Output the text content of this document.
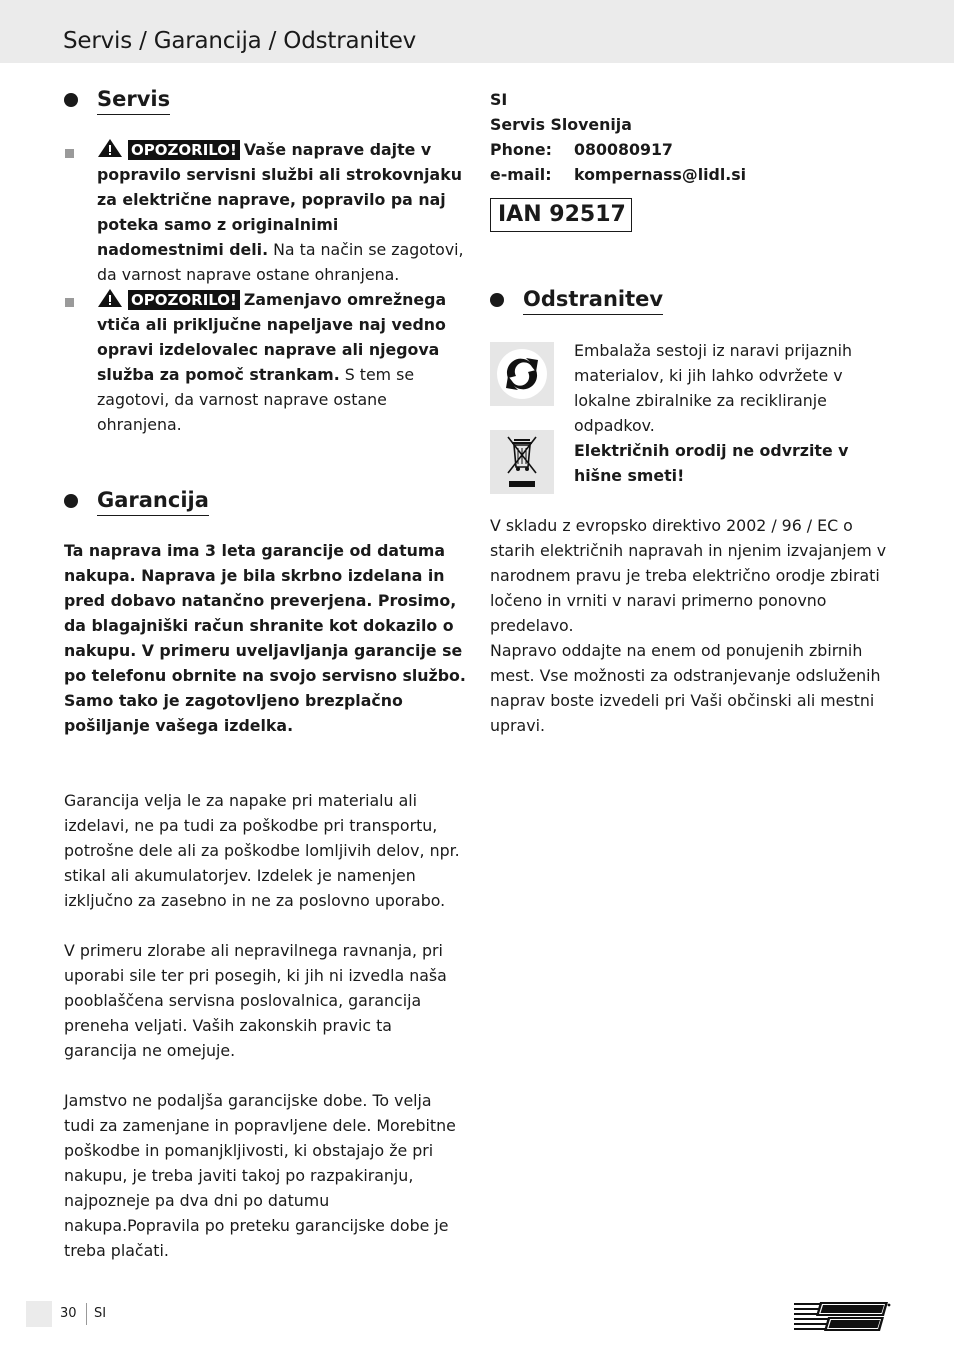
Servis / Garancija / Odstranitev
Servis
OPOZORILO! Vaše naprave dajte v popravilo servisni službi ali strokovnjaku za električne naprave, popravilo pa naj poteka samo z originalnimi nadomestnimi deli. Na ta način se zagotovi, da varnost naprave ostane ohranjena.
OPOZORILO! Zamenjavo omrežnega vtiča ali priključne napeljave naj vedno opravi izdelovalec naprave ali njegova služba za pomoč strankam. S tem se zagotovi, da varnost naprave ostane ohranjena.
Garancija

Ta naprava ima 3 leta garancije od datuma nakupa. Naprava je bila skrbno izdelana in pred dobavo natančno preverjena. Prosimo, da blagajniški račun shranite kot dokazilo o nakupu. V primeru uveljavljanja garancije se po telefonu obrnite na svojo servisno službo. Samo tako je zagotovljeno brezplačno pošiljanje vašega izdelka.

Garancija velja le za napake pri materialu ali izdelavi, ne pa tudi za poškodbe pri transportu, potrošne dele ali za poškodbe lomljivih delov, npr. stikal ali akumulatorjev. Izdelek je namenjen izključno za zasebno in ne za poslovno uporabo.

V primeru zlorabe ali nepravilnega ravnanja, pri uporabi sile ter pri posegih, ki jih ni izvedla naša pooblaščena servisna poslovalnica, garancija preneha veljati. Vaših zakonskih pravic ta garancija ne omejuje.

Jamstvo ne podaljša garancijske dobe. To velja tudi za zamenjane in popravljene dele. Morebitne poškodbe in pomanjkljivosti, ki obstajajo že pri nakupu, je treba javiti takoj po razpakiranju, najpozneje pa dva dni po datumu nakupa.Popravila po preteku garancijske dobe je treba plačati.

SI
Servis Slovenija
Phone:	080080917
e-mail:	kompernass@lidl.si
IAN 92517
Odstranitev

Embalaža sestoji iz naravi prijaznih materialov, ki jih lahko odvržete v lokalne zbiralnike za recikliranje odpadkov.

Električnih orodij ne odvrzite v hišne smeti!

V skladu z evropsko direktivo 2002 / 96 / EC o starih električnih napravah in njenim izvajanjem v narodnem pravu je treba električno orodje zbirati ločeno in vrniti v naravi primerno ponovno predelavo.

Napravo oddajte na enem od ponujenih zbirnih mest. Vse možnosti za odstranjevanje odsluženih naprav boste izvedeli pri Vaši občinski ali mestni upravi.

30 SI
